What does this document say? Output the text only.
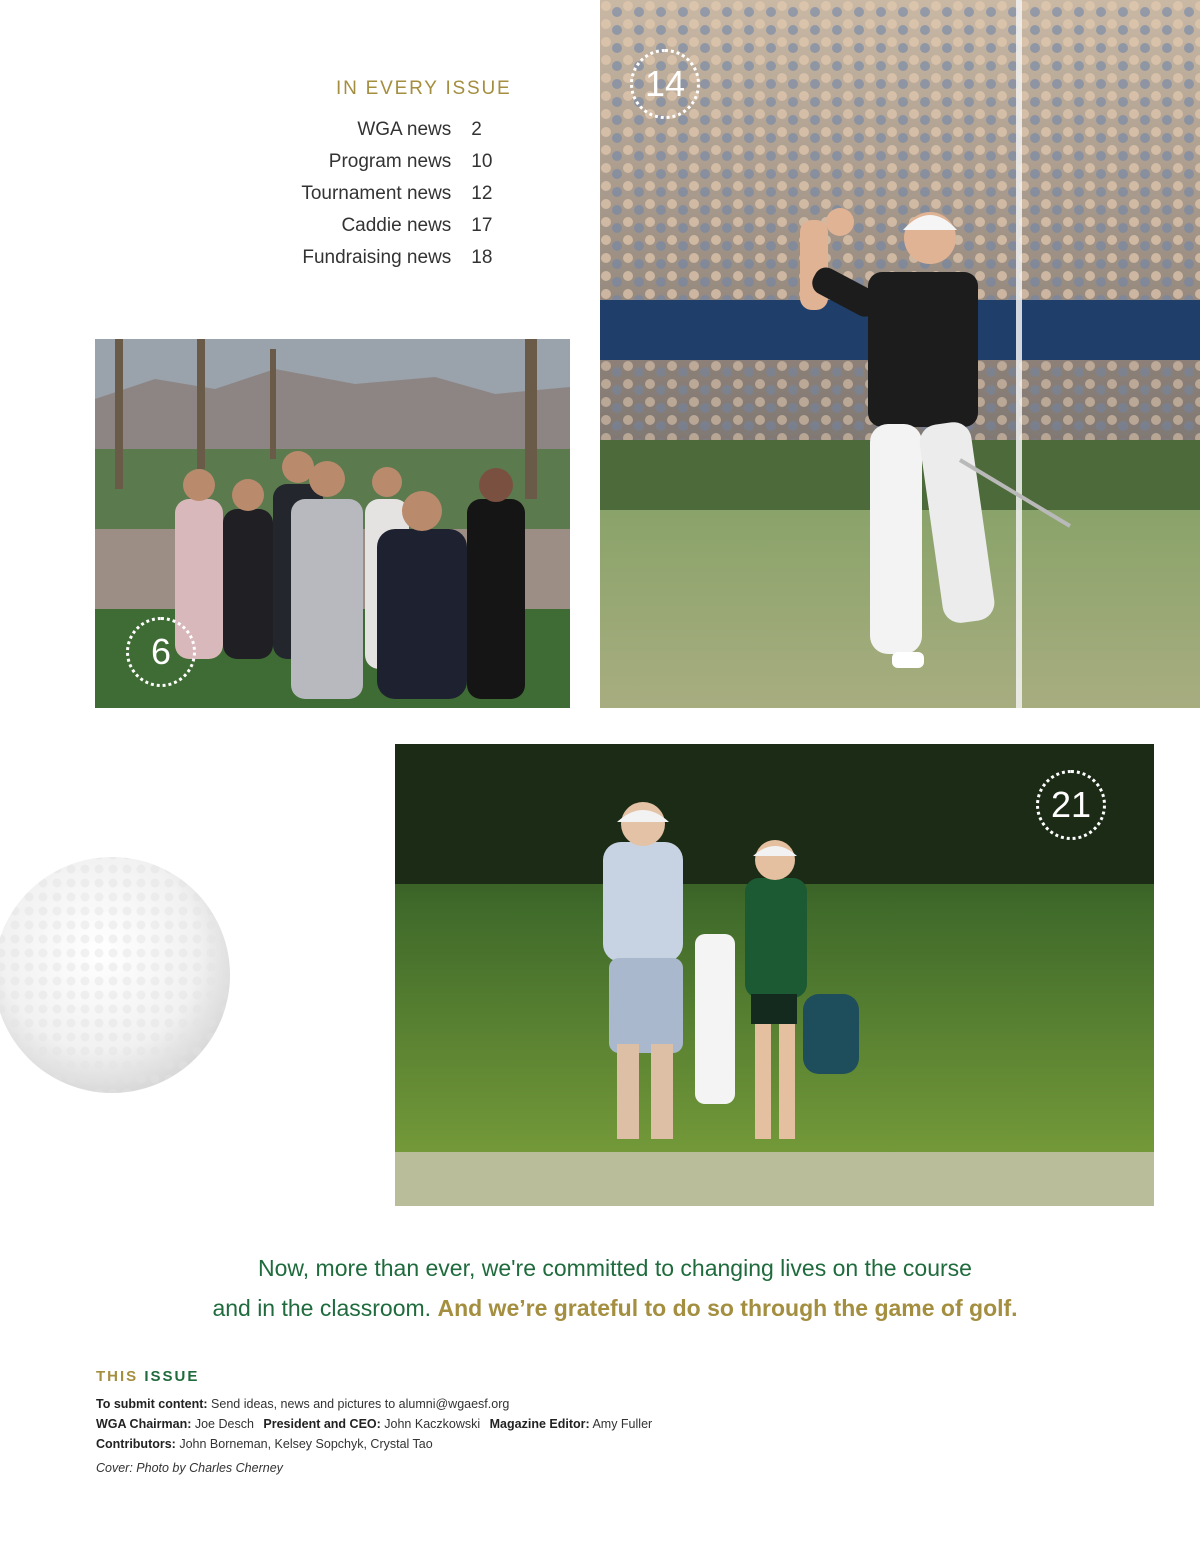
IN EVERY ISSUE
WGA news	2
Program news	10
Tournament news	12
Caddie news	17
Fundraising news	18
14
6
21
Now, more than ever, we're committed to changing lives on the course
and in the classroom. And we’re grateful to do so through the game of golf.
THIS ISSUE
To submit content: Send ideas, news and pictures to alumni@wgaesf.org
WGA Chairman: Joe Desch President and CEO: John Kaczkowski Magazine Editor: Amy Fuller
Contributors: John Borneman, Kelsey Sopchyk, Crystal Tao
Cover: Photo by Charles Cherney
